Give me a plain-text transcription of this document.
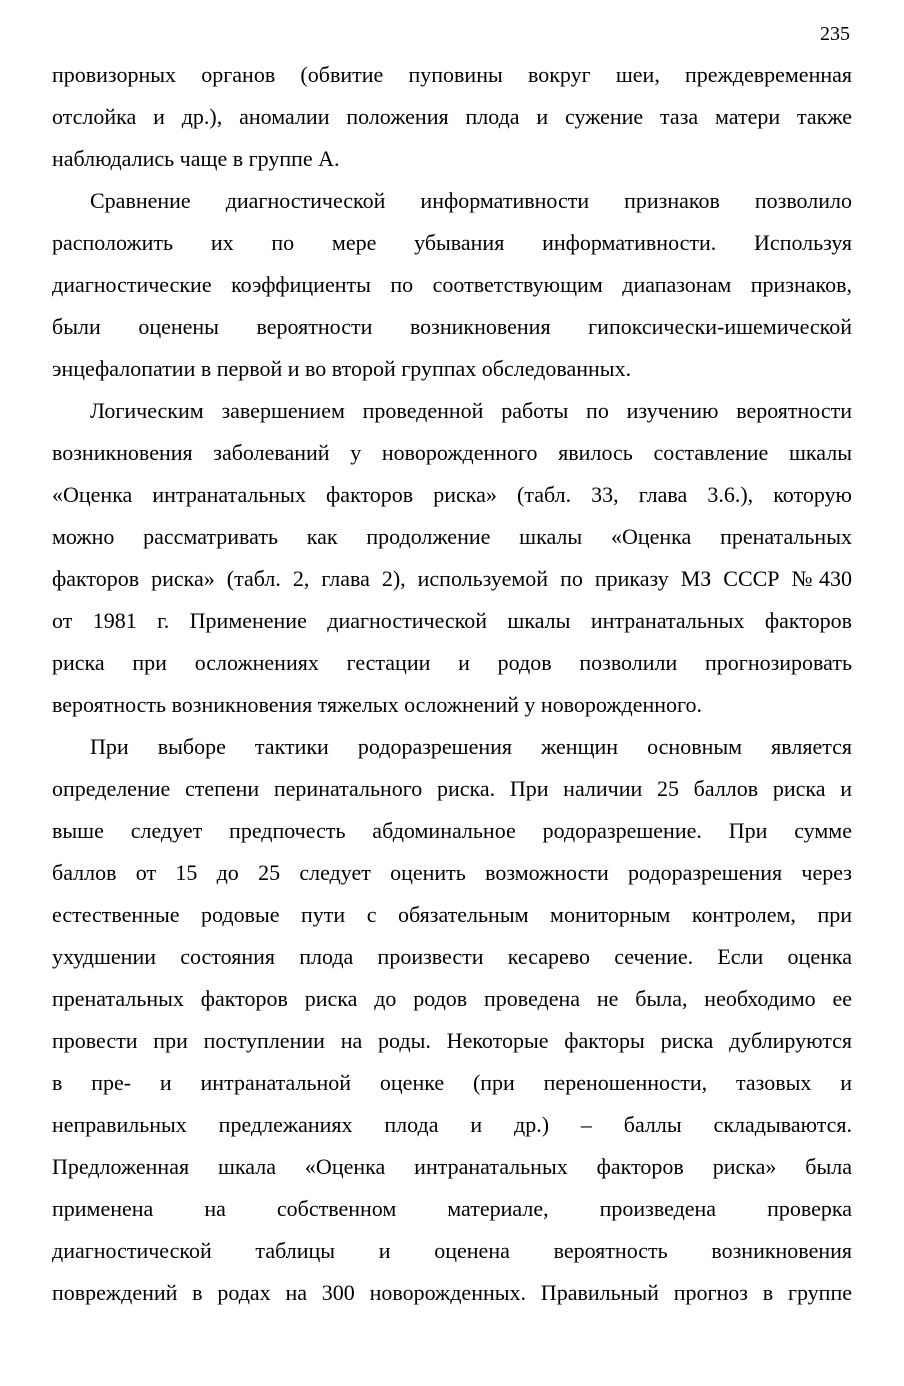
235
провизорных органов (обвитие пуповины вокруг шеи, преждевременная
отслойка и др.), аномалии положения плода и сужение таза матери также
наблюдались чаще в группе А.
Сравнение диагностической информативности признаков позволило
расположить их по мере убывания информативности. Используя
диагностические коэффициенты по соответствующим диапазонам признаков,
были оценены вероятности возникновения гипоксически-ишемической
энцефалопатии в первой и во второй группах обследованных.
Логическим завершением проведенной работы по изучению вероятности
возникновения заболеваний у новорожденного явилось составление шкалы
«Оценка интранатальных факторов риска» (табл. 33, глава 3.6.), которую
можно рассматривать как продолжение шкалы «Оценка пренатальных
факторов риска» (табл. 2, глава 2), используемой по приказу МЗ СССР №430
от 1981 г. Применение диагностической шкалы интранатальных факторов
риска при осложнениях гестации и родов позволили прогнозировать
вероятность возникновения тяжелых осложнений у новорожденного.
При выборе тактики родоразрешения женщин основным является
определение степени перинатального риска. При наличии 25 баллов риска и
выше следует предпочесть абдоминальное родоразрешение. При сумме
баллов от 15 до 25 следует оценить возможности родоразрешения через
естественные родовые пути с обязательным мониторным контролем, при
ухудшении состояния плода произвести кесарево сечение. Если оценка
пренатальных факторов риска до родов проведена не была, необходимо ее
провести при поступлении на роды. Некоторые факторы риска дублируются
в пре- и интранатальной оценке (при переношенности, тазовых и
неправильных предлежаниях плода и др.) – баллы складываются.
Предложенная шкала «Оценка интранатальных факторов риска» была
применена на собственном материале, произведена проверка
диагностической таблицы и оценена вероятность возникновения
повреждений в родах на 300 новорожденных. Правильный прогноз в группе
